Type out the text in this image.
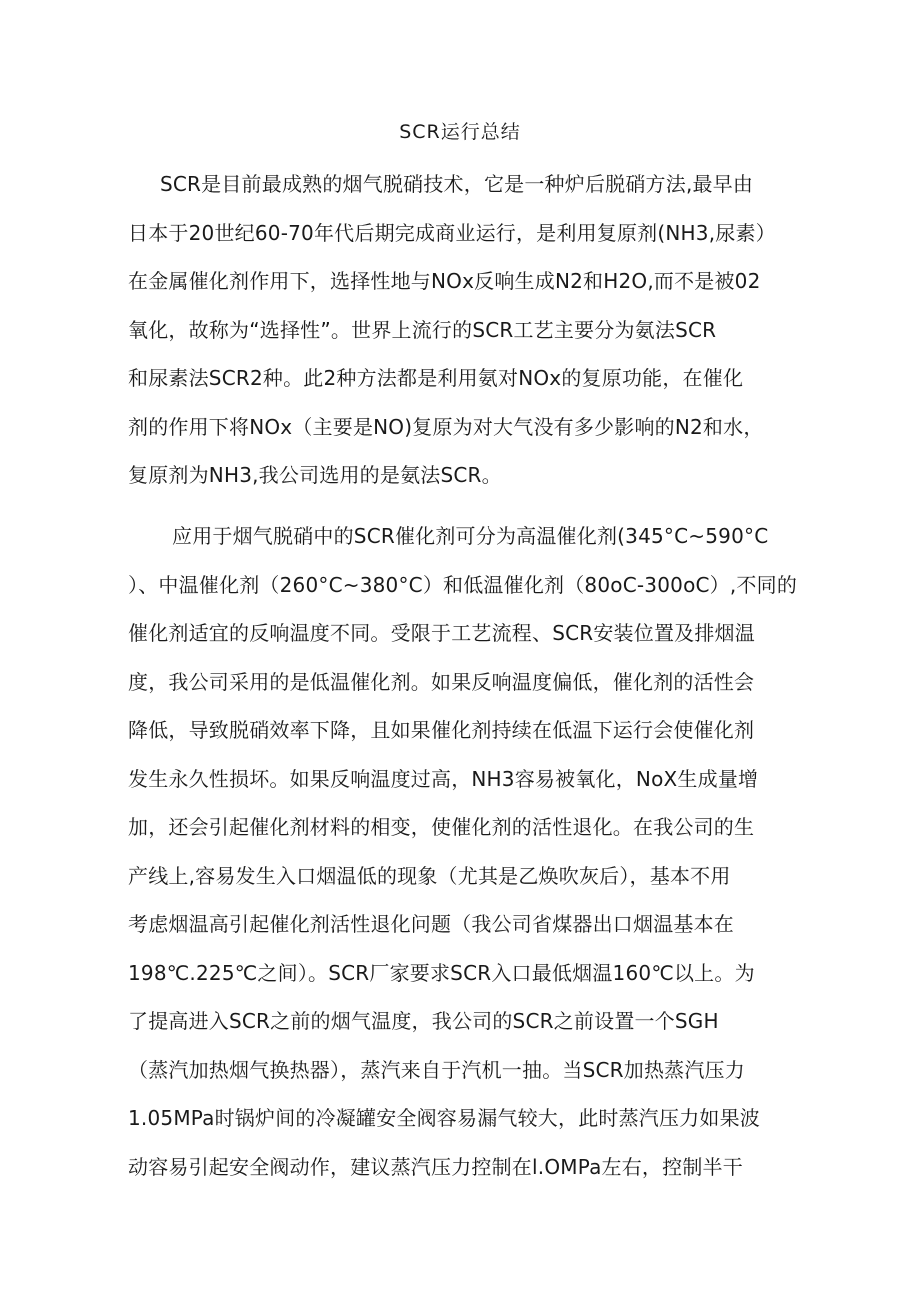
SCR运行总结
SCR是目前最成熟的烟气脱硝技术，它是一种炉后脱硝方法,最早由
日本于20世纪60-70年代后期完成商业运行，是利用复原剂(NH3,尿素）
在金属催化剂作用下，选择性地与NOx反响生成N2和H2O,而不是被02
氧化，故称为“选择性”。世界上流行的SCR工艺主要分为氨法SCR
和尿素法SCR2种。此2种方法都是利用氨对NOx的复原功能，在催化
剂的作用下将NOx（主要是NO)复原为对大气没有多少影响的N2和水，
复原剂为NH3,我公司选用的是氨法SCR。
应用于烟气脱硝中的SCR催化剂可分为高温催化剂(345°C~590°C
）、中温催化剂（260°C~380°C）和低温催化剂（80oC-300oC）,不同的
催化剂适宜的反响温度不同。受限于工艺流程、SCR安装位置及排烟温
度，我公司采用的是低温催化剂。如果反响温度偏低，催化剂的活性会
降低，导致脱硝效率下降，且如果催化剂持续在低温下运行会使催化剂
发生永久性损坏。如果反响温度过高，NH3容易被氧化，NoX生成量增
加，还会引起催化剂材料的相变，使催化剂的活性退化。在我公司的生
产线上,容易发生入口烟温低的现象（尤其是乙焕吹灰后），基本不用
考虑烟温高引起催化剂活性退化问题（我公司省煤器出口烟温基本在
198℃.225℃之间）。SCR厂家要求SCR入口最低烟温160℃以上。为
了提高进入SCR之前的烟气温度，我公司的SCR之前设置一个SGH
（蒸汽加热烟气换热器），蒸汽来自于汽机一抽。当SCR加热蒸汽压力
1.05MPa时锅炉间的冷凝罐安全阀容易漏气较大，此时蒸汽压力如果波
动容易引起安全阀动作，建议蒸汽压力控制在l.OMPa左右，控制半干
